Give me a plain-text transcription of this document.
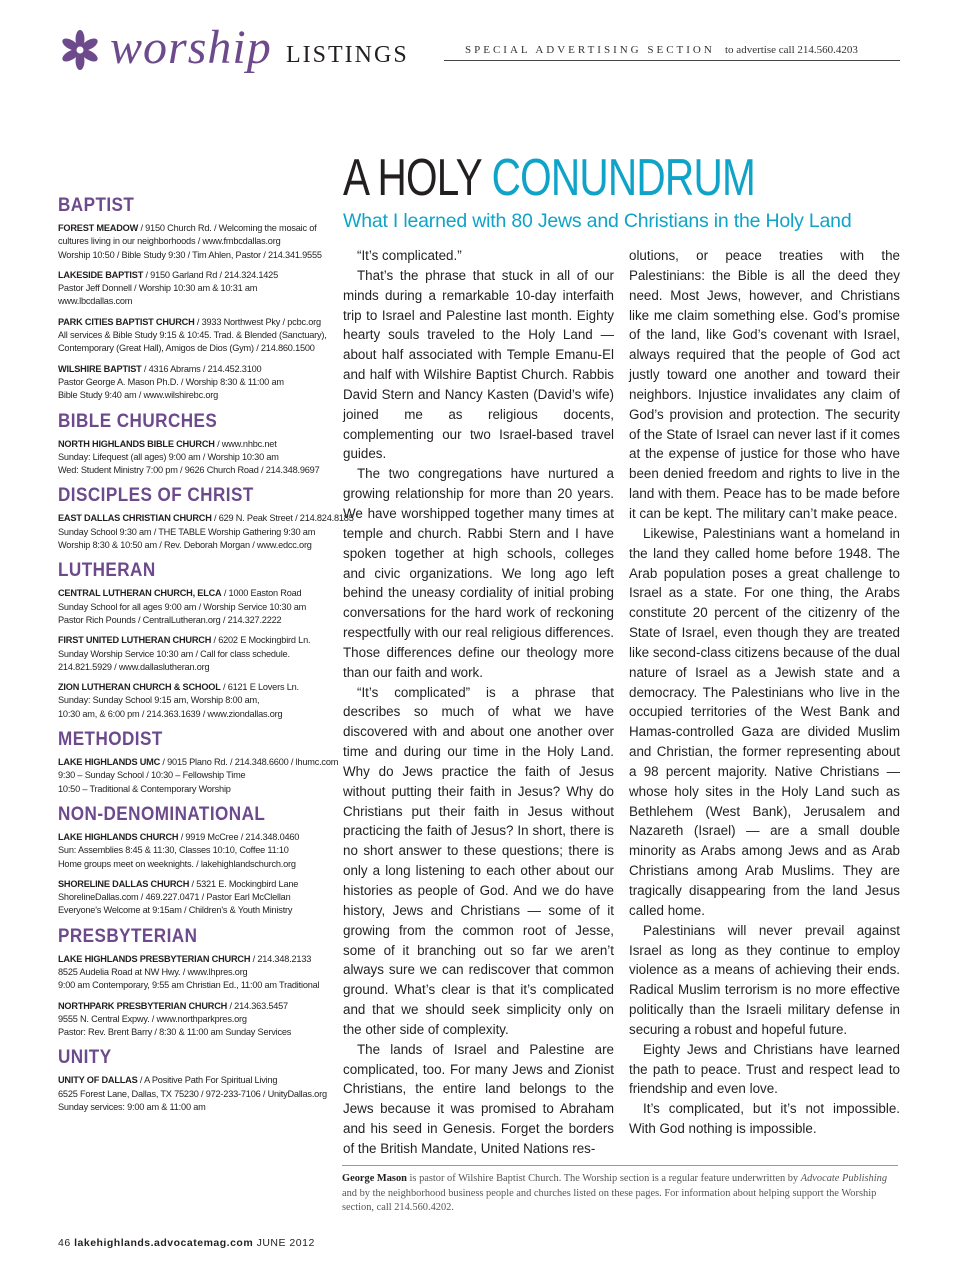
worship LISTINGS	SPECIAL ADVERTISING SECTION to advertise call 214.560.4203
BAPTIST
FOREST MEADOW / 9150 Church Rd. / Welcoming the mosaic of
cultures living in our neighborhoods / www.fmbcdallas.org
Worship 10:50 / Bible Study 9:30 / Tim Ahlen, Pastor / 214.341.9555
LAKESIDE BAPTIST / 9150 Garland Rd / 214.324.1425
Pastor Jeff Donnell / Worship 10:30 am & 10:31 am
www.lbcdallas.com
PARK CITIES BAPTIST CHURCH / 3933 Northwest Pky / pcbc.org
All services & Bible Study 9:15 & 10:45. Trad. & Blended (Sanctuary),
Contemporary (Great Hall), Amigos de Dios (Gym) / 214.860.1500
WILSHIRE BAPTIST / 4316 Abrams / 214.452.3100
Pastor George A. Mason Ph.D. / Worship 8:30 & 11:00 am
Bible Study 9:40 am / www.wilshirebc.org
BIBLE CHURCHES
NORTH HIGHLANDS BIBLE CHURCH / www.nhbc.net
Sunday: Lifequest (all ages) 9:00 am / Worship 10:30 am
Wed: Student Ministry 7:00 pm / 9626 Church Road / 214.348.9697
DISCIPLES OF CHRIST
EAST DALLAS CHRISTIAN CHURCH / 629 N. Peak Street / 214.824.8185
Sunday School 9:30 am / THE TABLE Worship Gathering 9:30 am
Worship 8:30 & 10:50 am / Rev. Deborah Morgan / www.edcc.org
LUTHERAN
CENTRAL LUTHERAN CHURCH, ELCA / 1000 Easton Road
Sunday School for all ages 9:00 am / Worship Service 10:30 am
Pastor Rich Pounds / CentralLutheran.org / 214.327.2222
FIRST UNITED LUTHERAN CHURCH / 6202 E Mockingbird Ln.
Sunday Worship Service 10:30 am / Call for class schedule.
214.821.5929 / www.dallaslutheran.org
ZION LUTHERAN CHURCH & SCHOOL / 6121 E Lovers Ln.
Sunday: Sunday School 9:15 am, Worship 8:00 am,
10:30 am, & 6:00 pm / 214.363.1639 / www.ziondallas.org
METHODIST
LAKE HIGHLANDS UMC / 9015 Plano Rd. / 214.348.6600 / lhumc.com
9:30 – Sunday School / 10:30 – Fellowship Time
10:50 – Traditional & Contemporary Worship
NON-DENOMINATIONAL
LAKE HIGHLANDS CHURCH / 9919 McCree / 214.348.0460
Sun: Assemblies 8:45 & 11:30, Classes 10:10, Coffee 11:10
Home groups meet on weeknights. / lakehighlandschurch.org
SHORELINE DALLAS CHURCH / 5321 E. Mockingbird Lane
ShorelineDallas.com / 469.227.0471 / Pastor Earl McClellan
Everyone's Welcome at 9:15am / Children's & Youth Ministry
PRESBYTERIAN
LAKE HIGHLANDS PRESBYTERIAN CHURCH / 214.348.2133
8525 Audelia Road at NW Hwy. / www.lhpres.org
9:00 am Contemporary, 9:55 am Christian Ed., 11:00 am Traditional
NORTHPARK PRESBYTERIAN CHURCH / 214.363.5457
9555 N. Central Expwy. / www.northparkpres.org
Pastor: Rev. Brent Barry / 8:30 & 11:00 am Sunday Services
UNITY
UNITY OF DALLAS / A Positive Path For Spiritual Living
6525 Forest Lane, Dallas, TX 75230 / 972-233-7106 / UnityDallas.org
Sunday services: 9:00 am & 11:00 am
A HOLY CONUNDRUM
What I learned with 80 Jews and Christians in the Holy Land

“It’s complicated.”

That’s the phrase that stuck in all of our minds during a remarkable 10-day interfaith trip to Israel and Palestine last month. Eighty hearty souls traveled to the Holy Land — about half associated with Temple Emanu-El and half with Wilshire Baptist Church. Rabbis David Stern and Nancy Kasten (David’s wife) joined me as religious docents, complementing our two Israel-based travel guides.

The two congregations have nurtured a growing relationship for more than 20 years. We have worshipped together many times at temple and church. Rabbi Stern and I have spoken together at high schools, colleges and civic organizations. We long ago left behind the uneasy cordiality of initial probing conversations for the hard work of reckoning respectfully with our real religious differences. Those differences define our theology more than our faith and work.

“It’s complicated” is a phrase that describes so much of what we have discovered with and about one another over time and during our time in the Holy Land. Why do Jews practice the faith of Jesus without putting their faith in Jesus? Why do Christians put their faith in Jesus without practicing the faith of Jesus? In short, there is no short answer to these questions; there is only a long listening to each other about our histories as people of God. And we do have history, Jews and Christians — some of it growing from the common root of Jesse, some of it branching out so far we aren’t always sure we can rediscover that common ground. What’s clear is that it’s complicated and that we should seek simplicity only on the other side of complexity.

The lands of Israel and Palestine are complicated, too. For many Jews and Zionist Christians, the entire land belongs to the Jews because it was promised to Abraham and his seed in Genesis. Forget the borders of the British Mandate, United Nations res-

olutions, or peace treaties with the Palestinians: the Bible is all the deed they need. Most Jews, however, and Christians like me claim something else. God’s promise of the land, like God’s covenant with Israel, always required that the people of God act justly toward one another and toward their neighbors. Injustice invalidates any claim of God’s provision and protection. The security of the State of Israel can never last if it comes at the expense of justice for those who have been denied freedom and rights to live in the land with them. Peace has to be made before it can be kept. The military can’t make peace.

Likewise, Palestinians want a homeland in the land they called home before 1948. The Arab population poses a great challenge to Israel as a state. For one thing, the Arabs constitute 20 percent of the citizenry of the State of Israel, even though they are treated like second-class citizens because of the dual nature of Israel as a Jewish state and a democracy. The Palestinians who live in the occupied territories of the West Bank and Hamas-controlled Gaza are divided Muslim and Christian, the former representing about a 98 percent majority. Native Christians — whose holy sites in the Holy Land such as Bethlehem (West Bank), Jerusalem and Nazareth (Israel) — are a small double minority as Arabs among Jews and as Arab Christians among Arab Muslims. They are tragically disappearing from the land Jesus called home.

Palestinians will never prevail against Israel as long as they continue to employ violence as a means of achieving their ends. Radical Muslim terrorism is no more effective politically than the Israeli military defense in securing a robust and hopeful future.

Eighty Jews and Christians have learned the path to peace. Trust and respect lead to friendship and even love.

It’s complicated, but it’s not impossible. With God nothing is impossible.

George Mason is pastor of Wilshire Baptist Church. The Worship section is a regular feature underwritten by Advocate Publishing and by the neighborhood business people and churches listed on these pages. For information about helping support the Worship section, call 214.560.4202.
46 lakehighlands.advocatemag.com JUNE 2012
